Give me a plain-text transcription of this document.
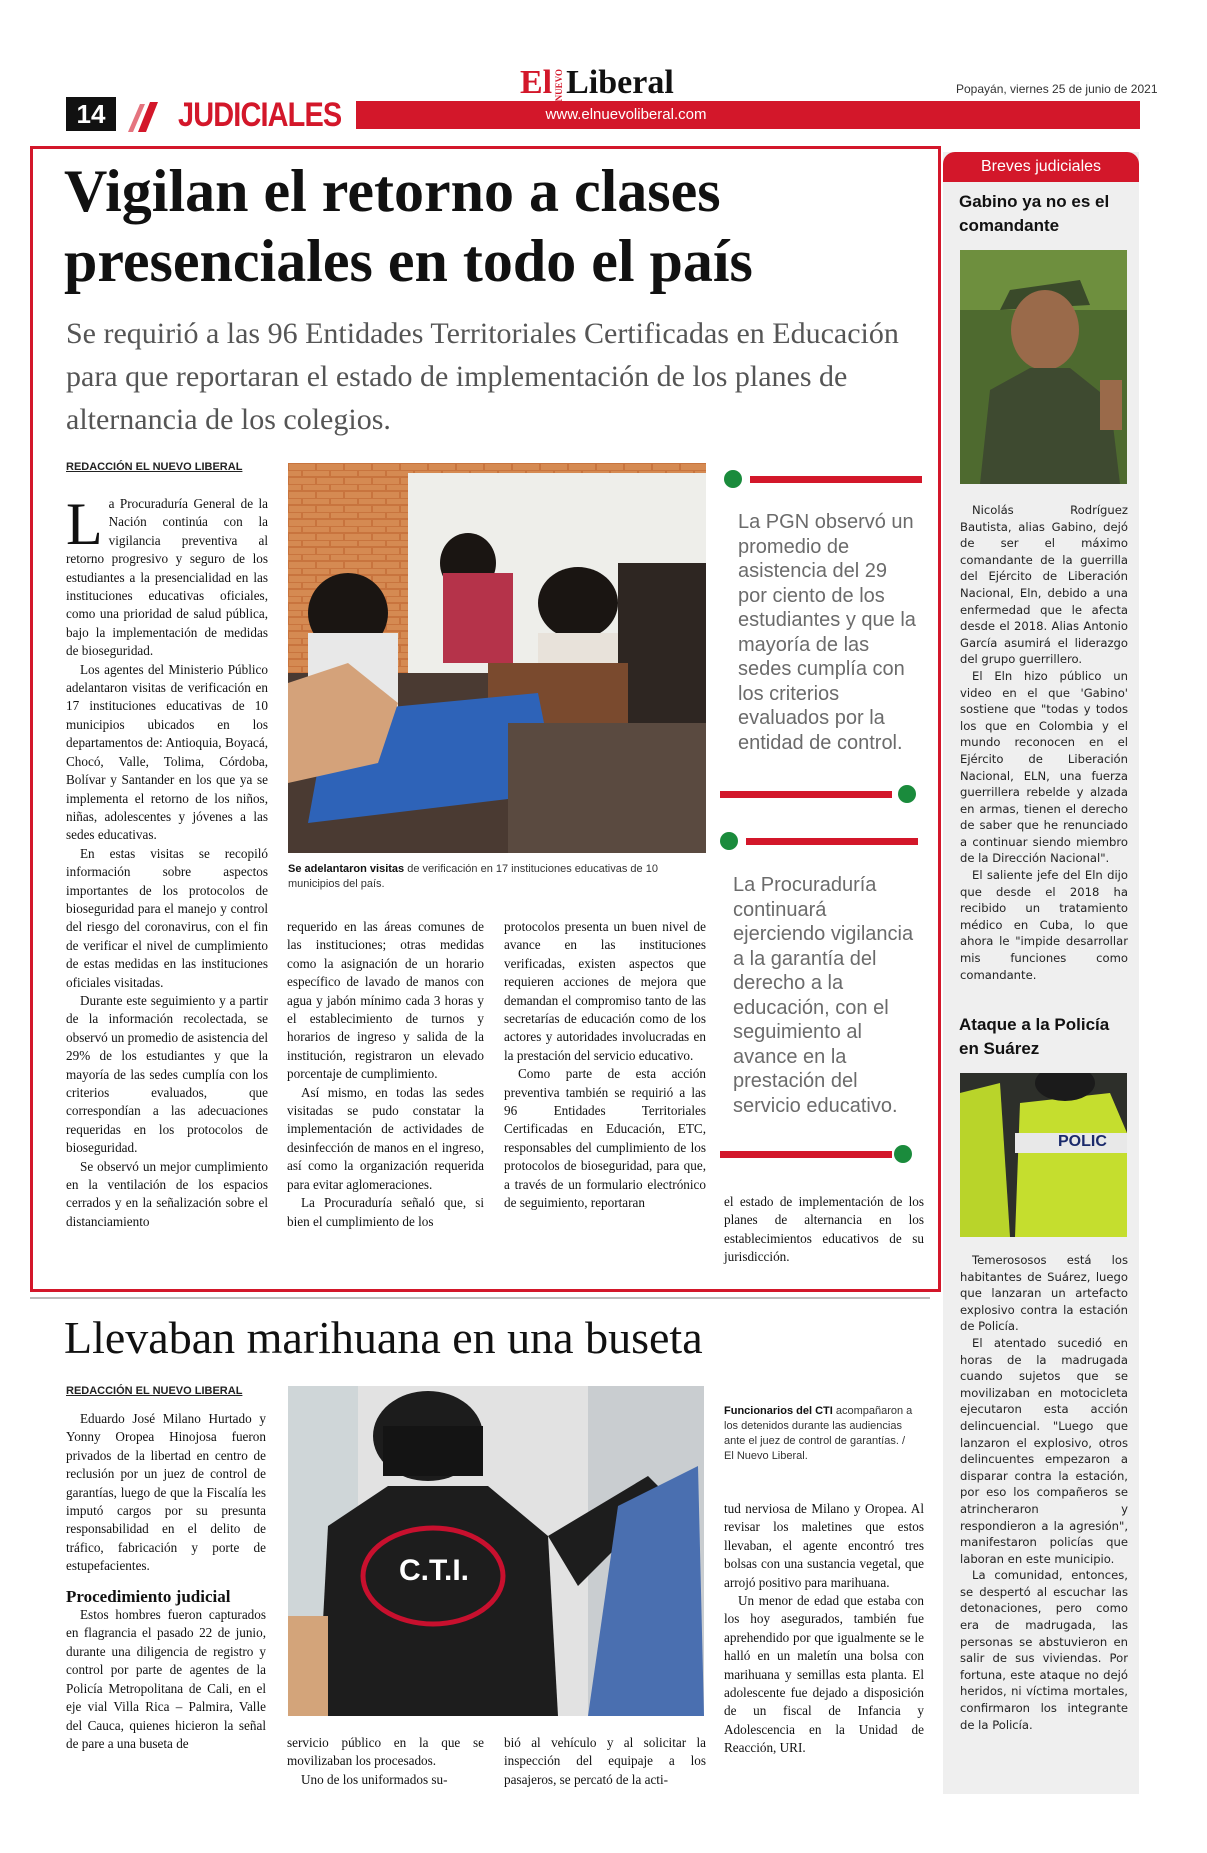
14	JUDICIALES	www.elnuevoliberal.com
El NUEVOLiberal	Popayán, viernes 25 de junio de 2021
Vigilan el retorno a clases presenciales en todo el país
Se requirió a las 96 Entidades Territoriales Certificadas en Educación para que reportaran el estado de implementación de los planes de alternancia de los colegios.
REDACCIÓN EL NUEVO LIBERAL

La Procuraduría General de la Nación continúa con la vigilancia preventiva al retorno progresivo y seguro de los estudiantes a la presencialidad en las instituciones educativas oficiales, como una prioridad de salud pública, bajo la implementación de medidas de bioseguridad.

Los agentes del Ministerio Público adelantaron visitas de verificación en 17 instituciones educativas de 10 municipios ubicados en los departamentos de: Antioquia, Boyacá, Chocó, Valle, Tolima, Córdoba, Bolívar y Santander en los que ya se implementa el retorno de los niños, niñas, adolescentes y jóvenes a las sedes educativas.

En estas visitas se recopiló información sobre aspectos importantes de los protocolos de bioseguridad para el manejo y control del riesgo del coronavirus, con el fin de verificar el nivel de cumplimiento de estas medidas en las instituciones oficiales visitadas.

Durante este seguimiento y a partir de la información recolectada, se observó un promedio de asistencia del 29% de los estudiantes y que la mayoría de las sedes cumplía con los criterios evaluados, que correspondían a las adecuaciones requeridas en los protocolos de bioseguridad.

Se observó un mejor cumplimiento en la ventilación de los espacios cerrados y en la señalización sobre el distanciamiento

Se adelantaron visitas de verificación en 17 instituciones educativas de 10 municipios del país.

requerido en las áreas comunes de las instituciones; otras medidas como la asignación de un horario específico de lavado de manos con agua y jabón mínimo cada 3 horas y el establecimiento de turnos y horarios de ingreso y salida de la institución, registraron un elevado porcentaje de cumplimiento.

Así mismo, en todas las sedes visitadas se pudo constatar la implementación de actividades de desinfección de manos en el ingreso, así como la organización requerida para evitar aglomeraciones.

La Procuraduría señaló que, si bien el cumplimiento de los

protocolos presenta un buen nivel de avance en las instituciones verificadas, existen aspectos que requieren acciones de mejora que demandan el compromiso tanto de las secretarías de educación como de los actores y autoridades involucradas en la prestación del servicio educativo.

Como parte de esta acción preventiva también se requirió a las 96 Entidades Territoriales Certificadas en Educación, ETC, responsables del cumplimiento de los protocolos de bioseguridad, para que, a través de un formulario electrónico de seguimiento, reportaran	el estado de implementación de los planes de alternancia en los establecimientos educativos de su jurisdicción.

La PGN observó un promedio de asistencia del 29 por ciento de los estudiantes y que la mayoría de las sedes cumplía con los criterios evaluados por la entidad de control.
La Procuraduría continuará ejerciendo vigilancia a la garantía del derecho a la educación, con el seguimiento al avance en la prestación del servicio educativo.
Llevaban marihuana en una buseta
REDACCIÓN EL NUEVO LIBERAL

Eduardo José Milano Hurtado y Yonny Oropea Hinojosa fueron privados de la libertad en centro de reclusión por un juez de control de garantías, luego de que la Fiscalía les imputó cargos por su presunta responsabilidad en el delito de tráfico, fabricación y porte de estupefacientes.

Procedimiento judicial

Estos hombres fueron capturados en flagrancia el pasado 22 de junio, durante una diligencia de registro y control por parte de agentes de la Policía Metropolitana de Cali, en el eje vial Villa Rica – Palmira, Valle del Cauca, quienes hicieron la señal de pare a una buseta de

C.T.I.
Funcionarios del CTI acompañaron a los detenidos durante las audiencias ante el juez de control de garantías. / El Nuevo Liberal.

servicio público en la que se movilizaban los procesados.

Uno de los uniformados su-

bió al vehículo y al solicitar la inspección del equipaje a los pasajeros, se percató de la acti-

tud nerviosa de Milano y Oropea. Al revisar los maletines que estos llevaban, el agente encontró tres bolsas con una sustancia vegetal, que arrojó positivo para marihuana.

Un menor de edad que estaba con los hoy asegurados, también fue aprehendido por que igualmente se le halló en un maletín una bolsa con marihuana y semillas esta planta. El adolescente fue dejado a disposición de un fiscal de Infancia y Adolescencia en la Unidad de Reacción, URI.

Breves judiciales
Gabino ya no es el comandante

Nicolás Rodríguez Bautista, alias Gabino, dejó de ser el máximo comandante de la guerrilla del Ejército de Liberación Nacional, Eln, debido a una enfermedad que le afecta desde el 2018. Alias Antonio García asumirá el liderazgo del grupo guerrillero.

El Eln hizo público un video en el que 'Gabino' sostiene que "todas y todos los que en Colombia y el mundo reconocen en el Ejército de Liberación Nacional, ELN, una fuerza guerrillera rebelde y alzada en armas, tienen el derecho de saber que he renunciado a continuar siendo miembro de la Dirección Nacional".

El saliente jefe del Eln dijo que desde el 2018 ha recibido un tratamiento médico en Cuba, lo que ahora le "impide desarrollar mis funciones como comandante.

Ataque a la Policía en Suárez
POLIC

Temerososos está los habitantes de Suárez, luego que lanzaran un artefacto explosivo contra la estación de Policía.

El atentado sucedió en horas de la madrugada cuando sujetos que se movilizaban en motocicleta ejecutaron esta acción delincuencial. "Luego que lanzaron el explosivo, otros delincuentes empezaron a disparar contra la estación, por eso los compañeros se atrincheraron y respondieron a la agresión", manifestaron policías que laboran en este municipio.

La comunidad, entonces, se despertó al escuchar las detonaciones, pero como era de madrugada, las personas se abstuvieron en salir de sus viviendas. Por fortuna, este ataque no dejó heridos, ni víctima mortales, confirmaron los integrante de la Policía.
